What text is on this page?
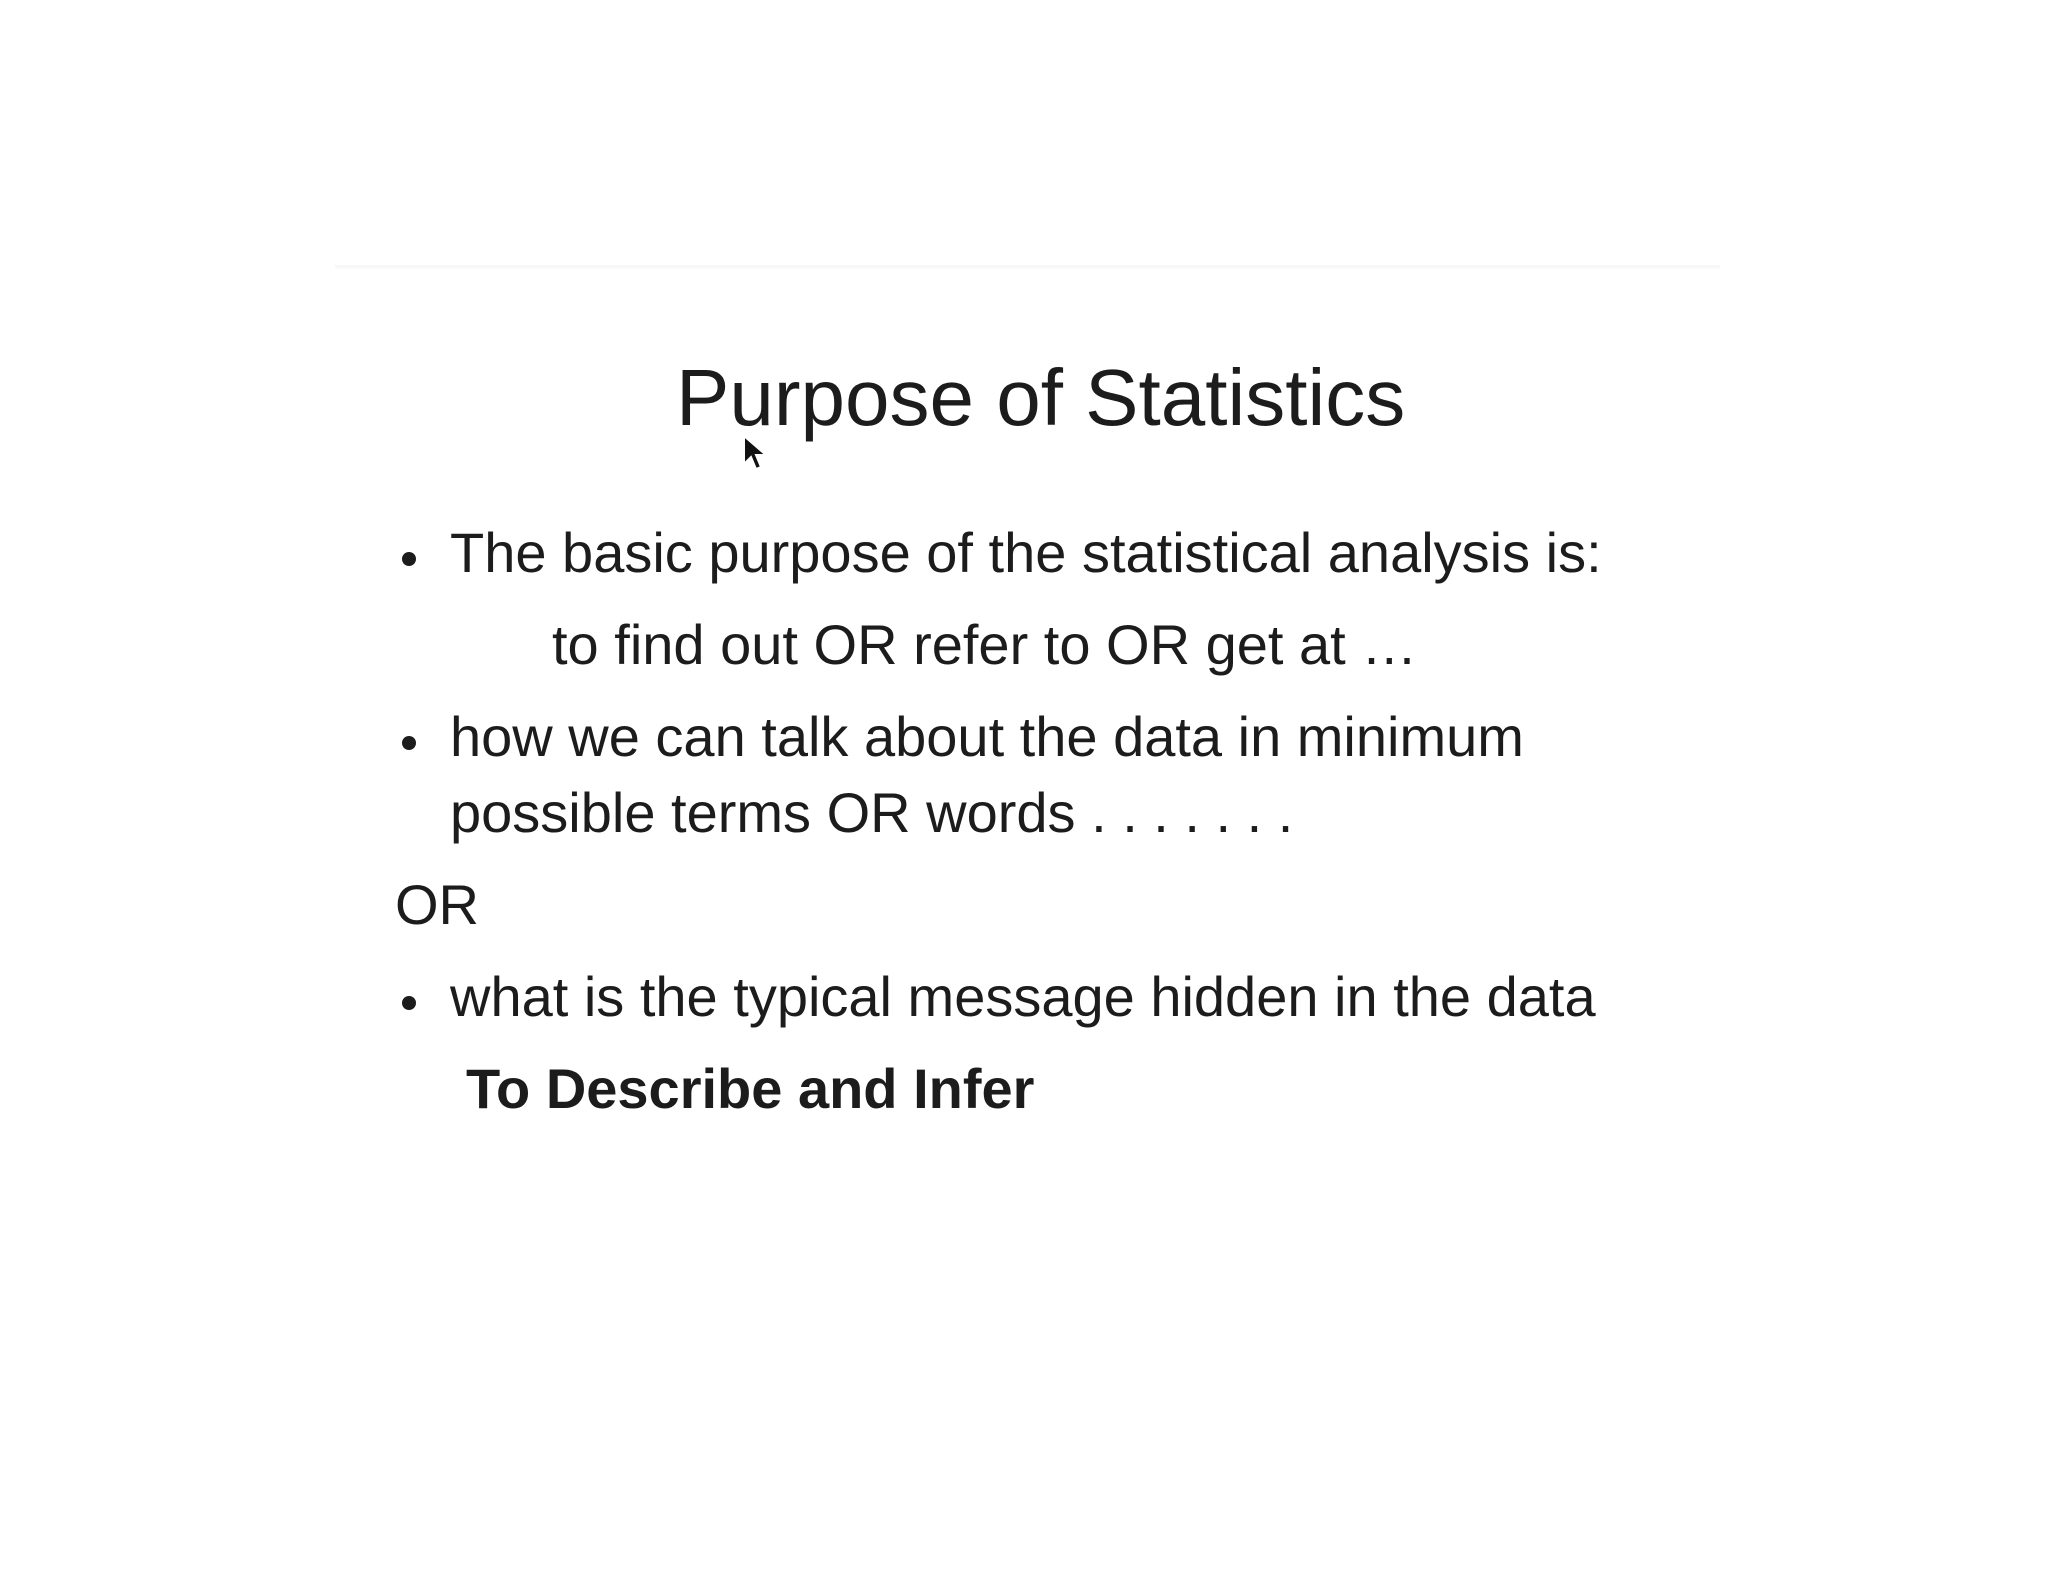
Purpose of Statistics
The basic purpose of the statistical analysis is:
to find out OR refer to OR get at …
how we can talk about the data in minimum
possible terms OR words . . . . . . .
OR
what is the typical message hidden in the data
To Describe and Infer
